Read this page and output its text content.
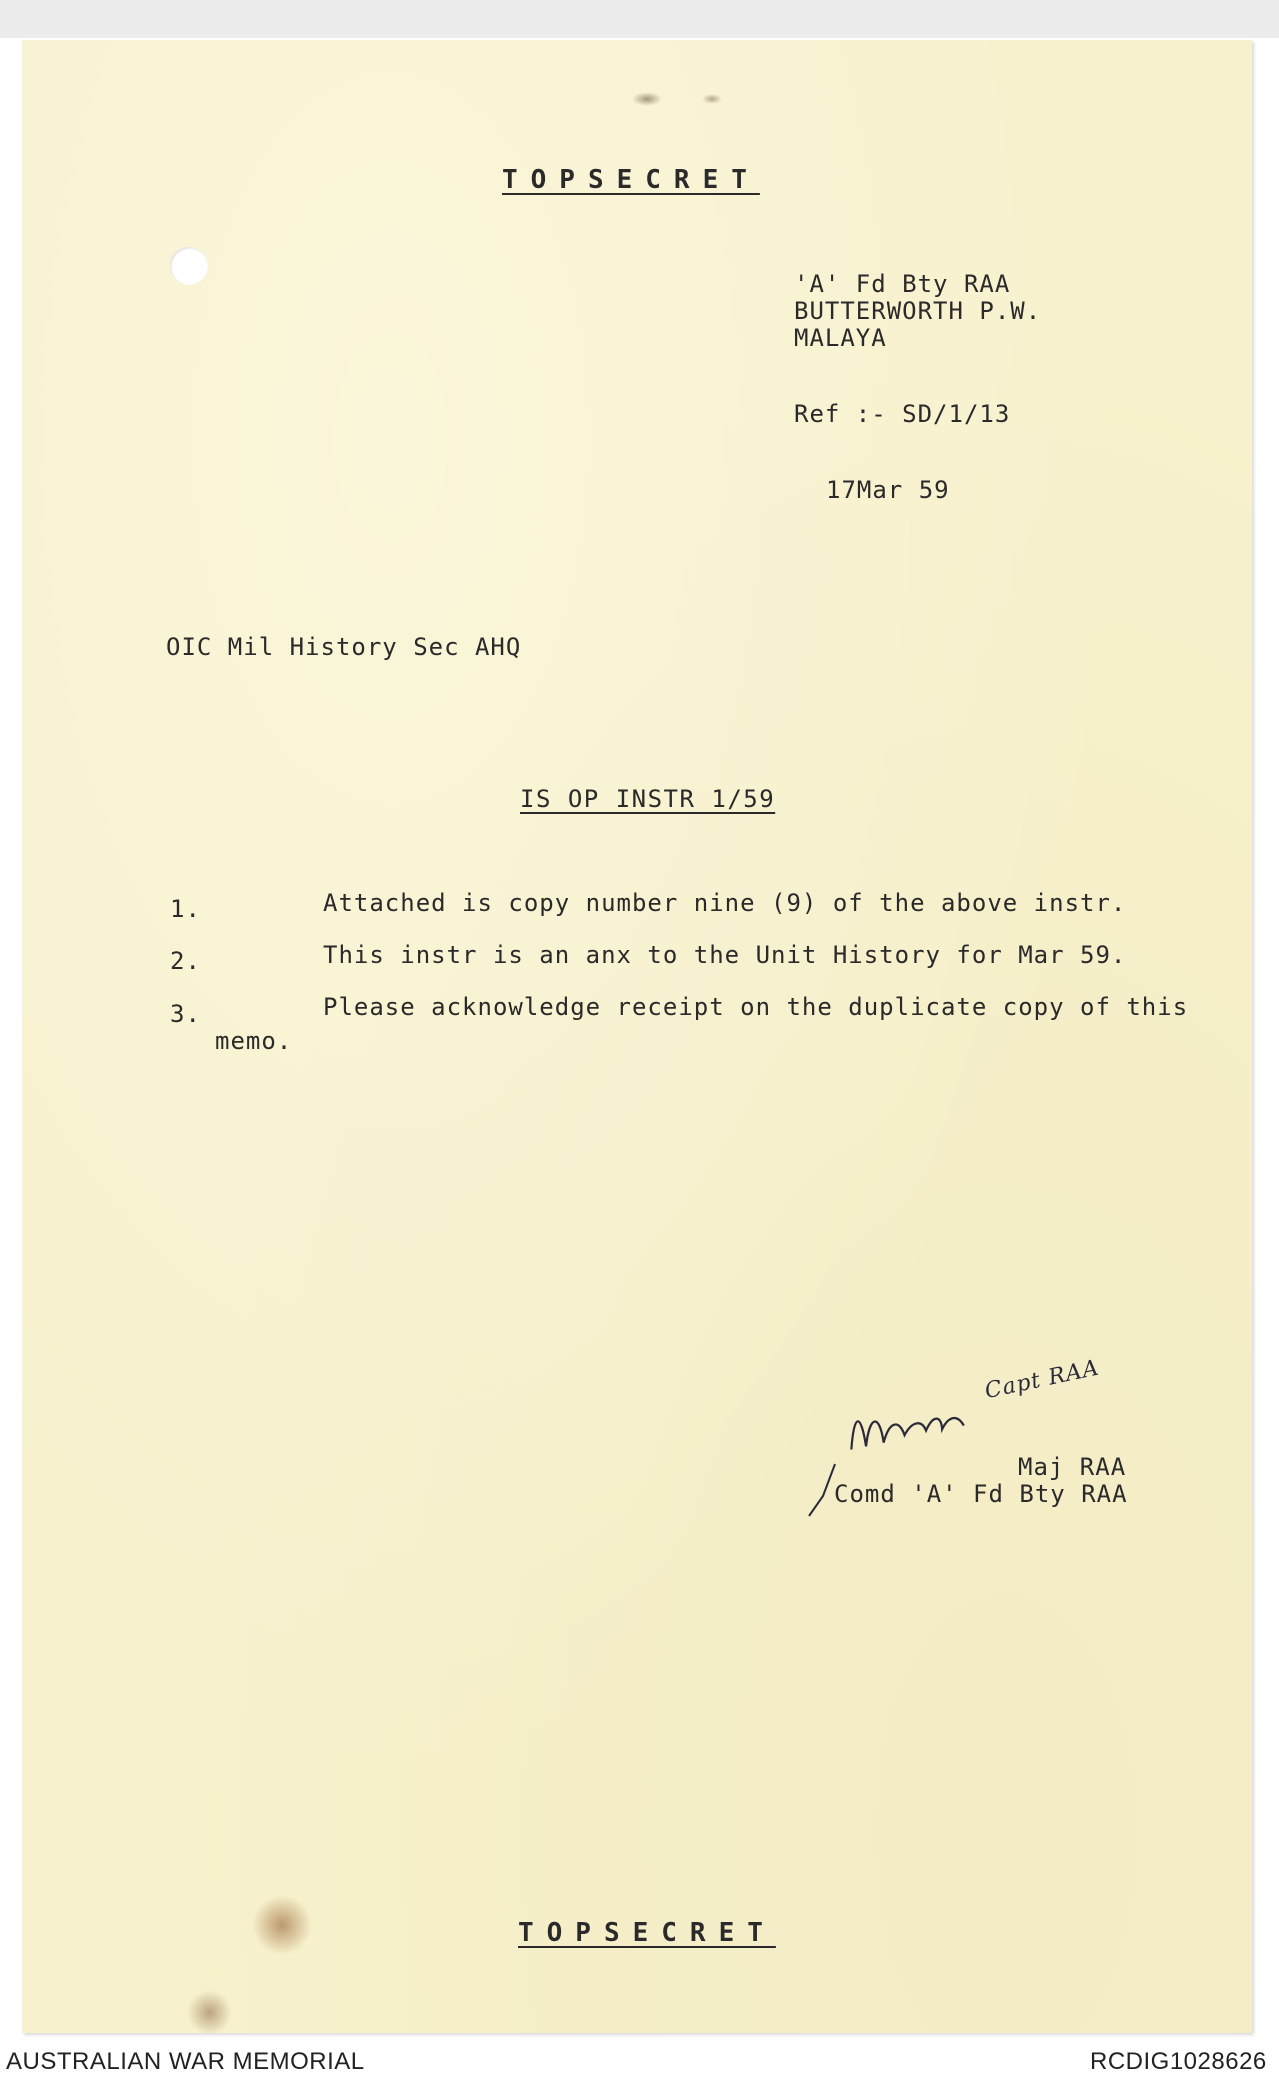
TOPSECRET
'A' Fd Bty RAA
BUTTERWORTH P.W.
MALAYA
Ref :- SD/1/13
17Mar 59
OIC Mil History Sec AHQ
IS OP INSTR 1/59
1.	Attached is copy number nine (9) of the above instr.
2.	This instr is an anx to the Unit History for Mar 59.
3.	Please acknowledge receipt on the duplicate copy of this
memo.

Capt RAA

Maj RAA
Comd 'A' Fd Bty RAA
TOPSECRET
AUSTRALIAN WAR MEMORIAL	RCDIG1028626
